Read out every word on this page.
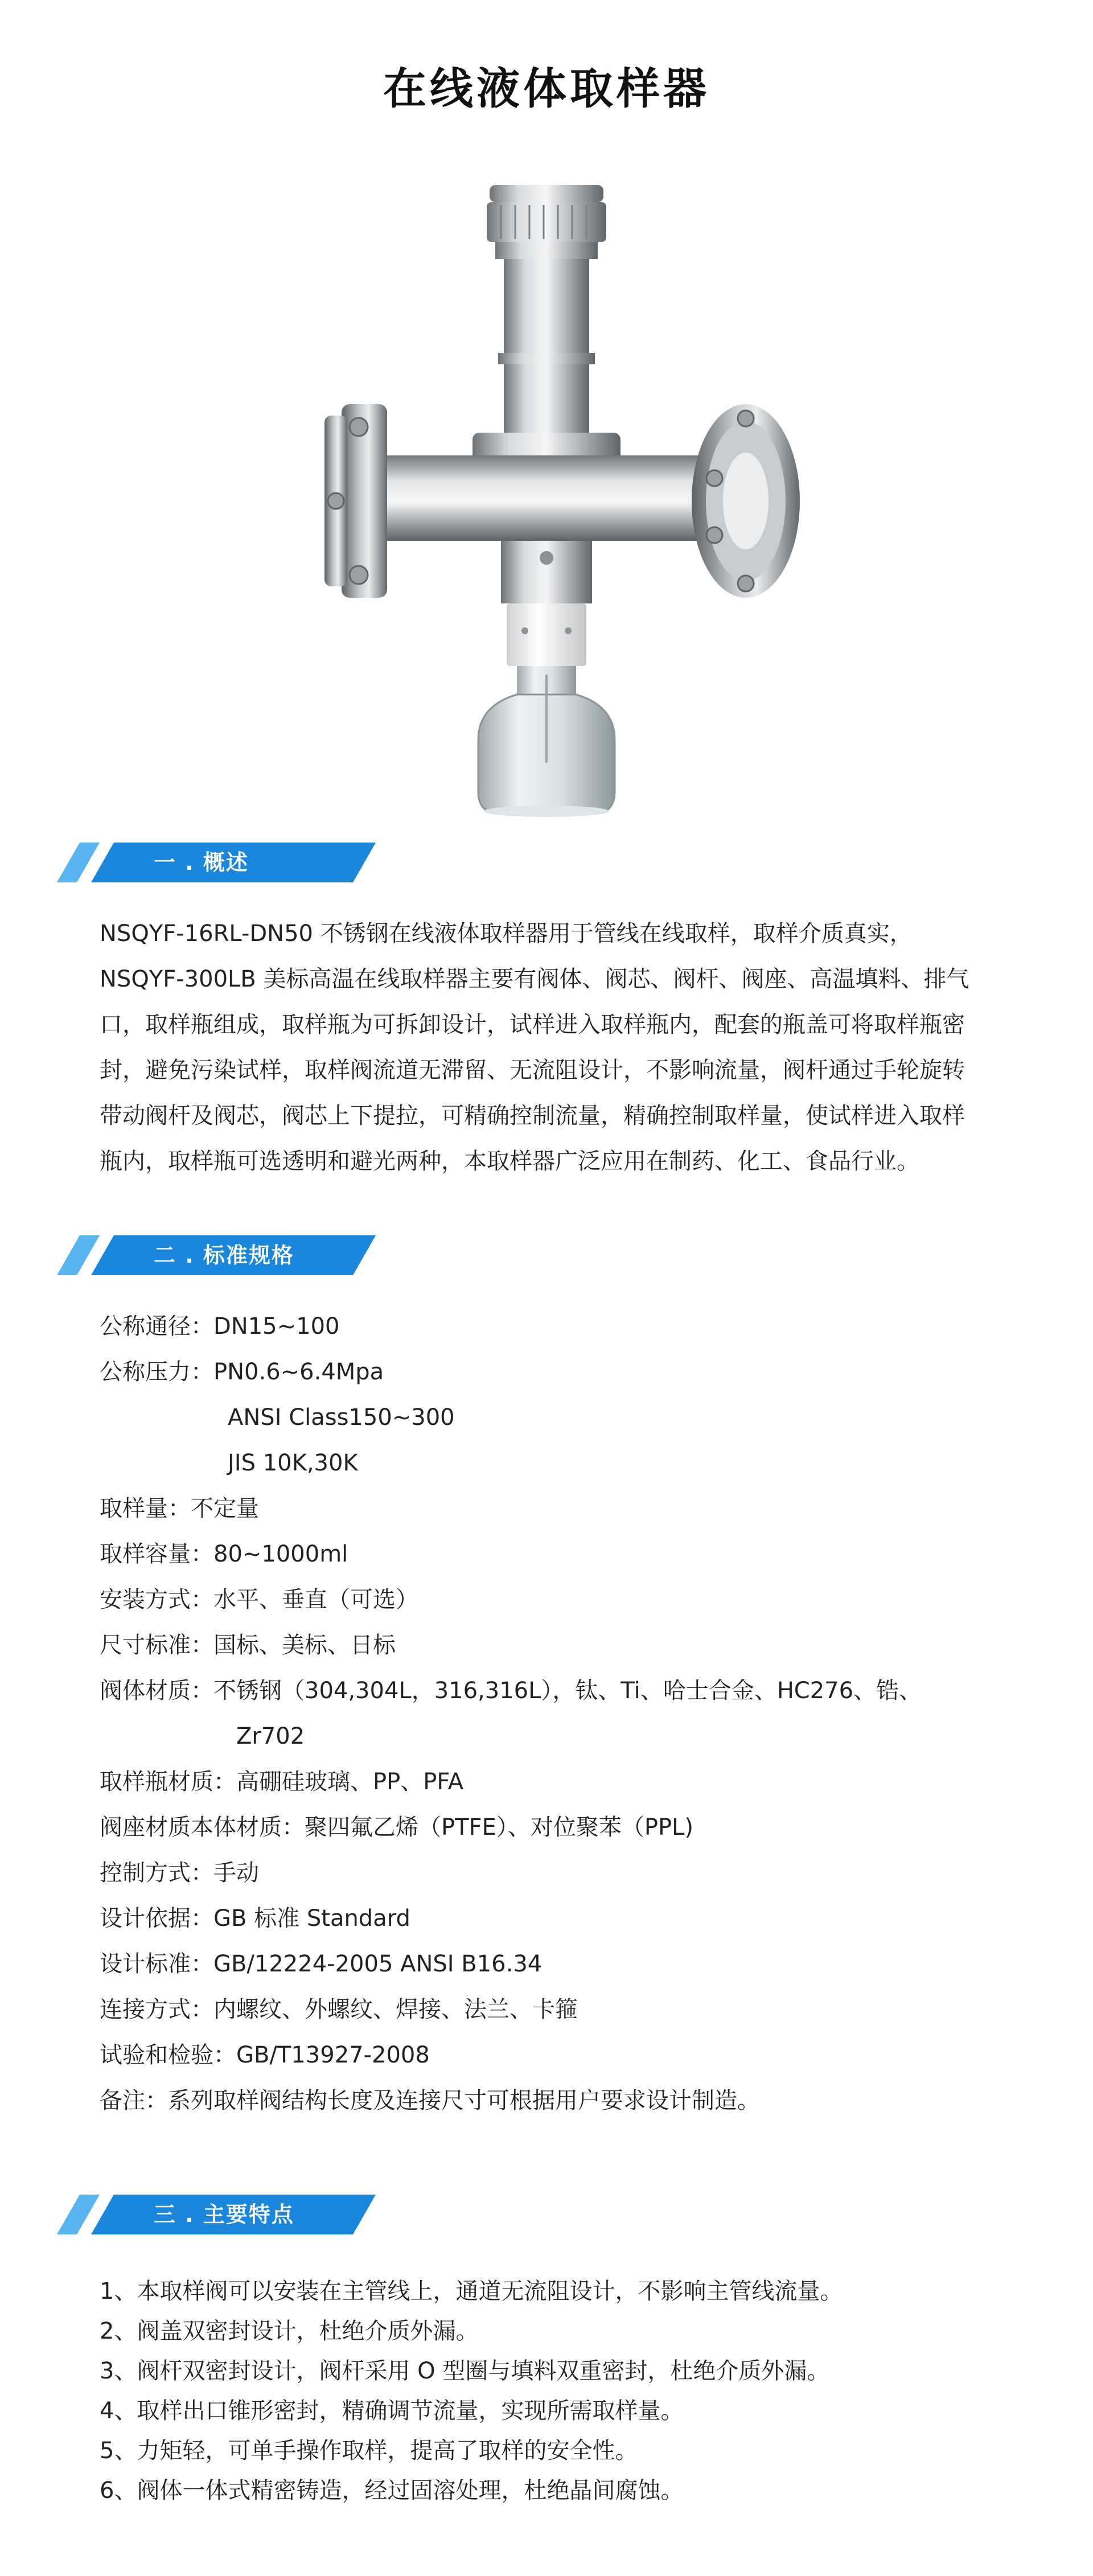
在线液体取样器
一 . 概述
NSQYF-16RL-DN50 不锈钢在线液体取样器用于管线在线取样，取样介质真实，
NSQYF-300LB 美标高温在线取样器主要有阀体、阀芯、阀杆、阀座、高温填料、排气
口，取样瓶组成，取样瓶为可拆卸设计，试样进入取样瓶内，配套的瓶盖可将取样瓶密
封，避免污染试样，取样阀流道无滞留、无流阻设计，不影响流量，阀杆通过手轮旋转
带动阀杆及阀芯，阀芯上下提拉，可精确控制流量，精确控制取样量，使试样进入取样
瓶内，取样瓶可选透明和避光两种，本取样器广泛应用在制药、化工、食品行业。
二 . 标准规格
公称通径：DN15~100
公称压力：PN0.6~6.4Mpa
ANSI Class150~300
JIS 10K,30K
取样量：不定量
取样容量：80~1000ml
安装方式：水平、垂直（可选）
尺寸标准：国标、美标、日标
阀体材质：不锈钢（304,304L，316,316L），钛、Ti、哈士合金、HC276、锆、
Zr702
取样瓶材质：高硼硅玻璃、PP、PFA
阀座材质本体材质：聚四氟乙烯（PTFE）、对位聚苯（PPL)
控制方式：手动
设计依据：GB 标准 Standard
设计标准：GB/12224-2005 ANSI B16.34
连接方式：内螺纹、外螺纹、焊接、法兰、卡箍
试验和检验：GB/T13927-2008
备注：系列取样阀结构长度及连接尺寸可根据用户要求设计制造。
三 . 主要特点
1、本取样阀可以安装在主管线上，通道无流阻设计，不影响主管线流量。
2、阀盖双密封设计，杜绝介质外漏。
3、阀杆双密封设计，阀杆采用 O 型圈与填料双重密封，杜绝介质外漏。
4、取样出口锥形密封，精确调节流量，实现所需取样量。
5、力矩轻，可单手操作取样，提高了取样的安全性。
6、阀体一体式精密铸造，经过固溶处理，杜绝晶间腐蚀。
